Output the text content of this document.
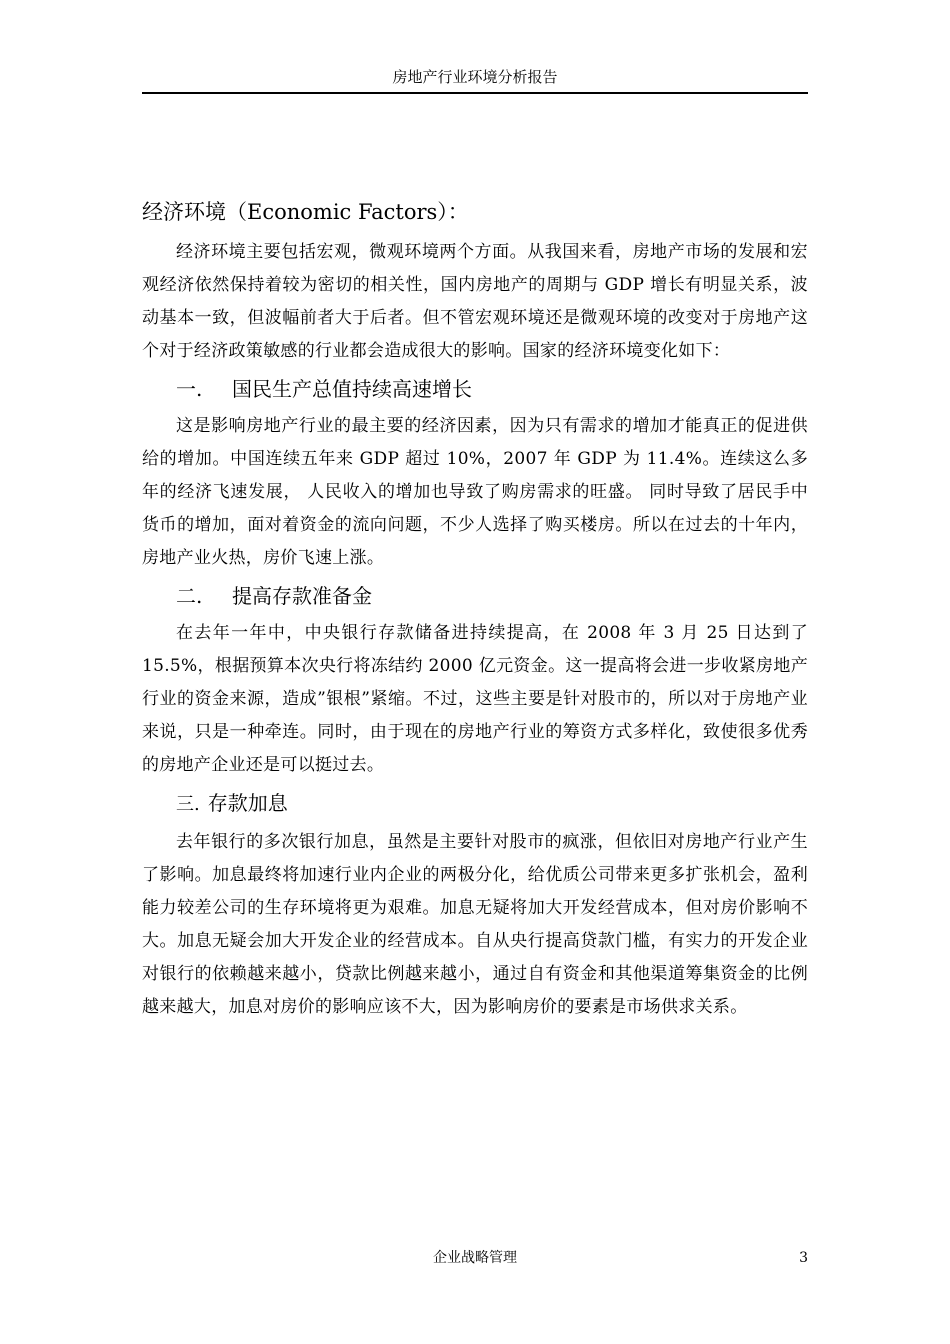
房地产行业环境分析报告
经济环境（Economic Factors）：

经济环境主要包括宏观，微观环境两个方面。从我国来看，房地产市场的发展和宏观经济依然保持着较为密切的相关性，国内房地产的周期与 GDP 增长有明显关系，波动基本一致，但波幅前者大于后者。但不管宏观环境还是微观环境的改变对于房地产这个对于经济政策敏感的行业都会造成很大的影响。国家的经济环境变化如下：

一.	国民生产总值持续高速增长

这是影响房地产行业的最主要的经济因素，因为只有需求的增加才能真正的促进供给的增加。中国连续五年来 GDP 超过 10%，2007 年 GDP 为 11.4%。连续这么多年的经济飞速发展， 人民收入的增加也导致了购房需求的旺盛。 同时导致了居民手中货币的增加，面对着资金的流向问题，不少人选择了购买楼房。所以在过去的十年内，房地产业火热，房价飞速上涨。

二.	提高存款准备金

在去年一年中，中央银行存款储备进持续提高，在 2008 年 3 月 25 日达到了 15.5%，根据预算本次央行将冻结约 2000 亿元资金。这一提高将会进一步收紧房地产行业的资金来源，造成”银根”紧缩。不过，这些主要是针对股市的，所以对于房地产业来说，只是一种牵连。同时，由于现在的房地产行业的筹资方式多样化，致使很多优秀的房地产企业还是可以挺过去。

三. 存款加息

去年银行的多次银行加息，虽然是主要针对股市的疯涨，但依旧对房地产行业产生了影响。加息最终将加速行业内企业的两极分化，给优质公司带来更多扩张机会，盈利能力较差公司的生存环境将更为艰难。加息无疑将加大开发经营成本，但对房价影响不大。加息无疑会加大开发企业的经营成本。自从央行提高贷款门槛，有实力的开发企业对银行的依赖越来越小，贷款比例越来越小，通过自有资金和其他渠道筹集资金的比例越来越大，加息对房价的影响应该不大，因为影响房价的要素是市场供求关系。

企业战略管理	3
